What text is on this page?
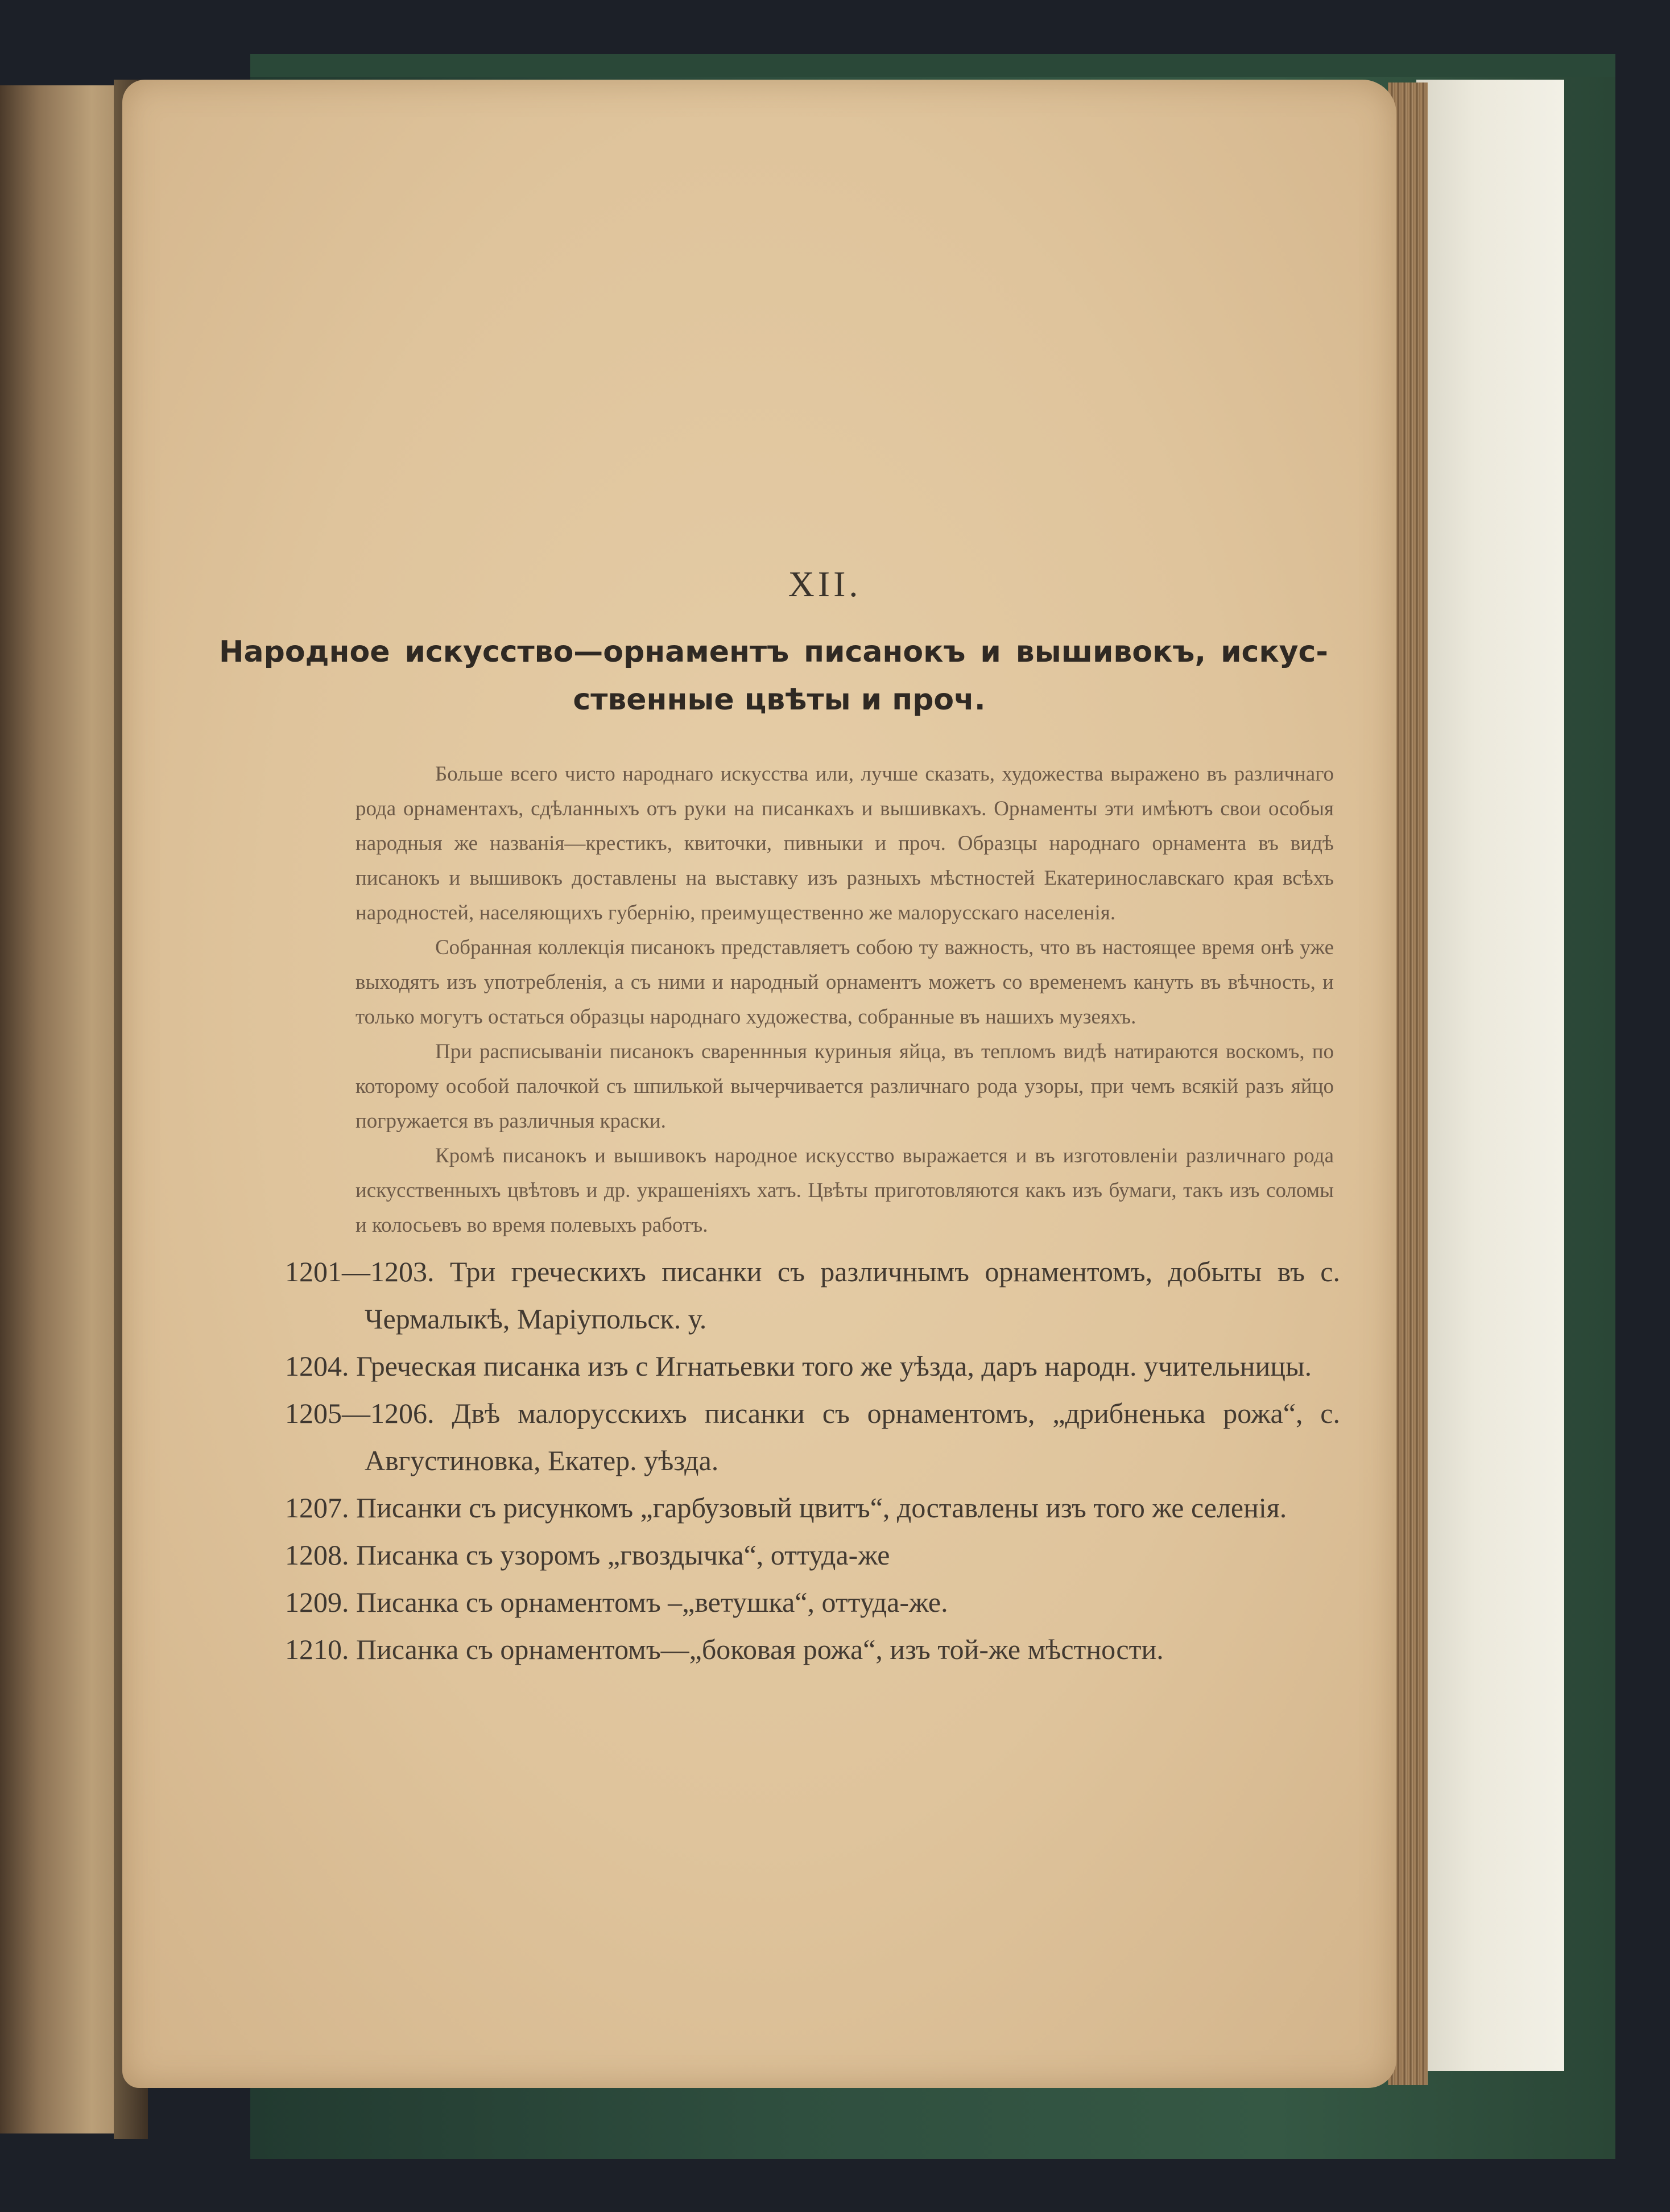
XII.
Народное искусство—орнаментъ писанокъ и вышивокъ, искус-
ственные цвѣты и проч.

Больше всего чисто народнаго искусства или, лучше сказать, художества выражено въ различнаго рода орнаментахъ, сдѣланныхъ отъ руки на писанкахъ и вышивкахъ. Орнаменты эти имѣютъ свои особыя народныя же названія—крестикъ, квиточки, пивныки и проч. Образцы народнаго орнамента въ видѣ писанокъ и вышивокъ доставлены на выставку изъ разныхъ мѣстностей Екатеринославскаго края всѣхъ народностей, населяющихъ губернію, преимущественно же малорусскаго населенія.

Собранная коллекція писанокъ представляетъ собою ту важность, что въ настоящее время онѣ уже выходятъ изъ употребленія, а съ ними и народный орнаментъ можетъ со временемъ кануть въ вѣчность, и только могутъ остаться образцы народнаго художества, собранные въ нашихъ музеяхъ.

При расписываніи писанокъ свареннныя куриныя яйца, въ тепломъ видѣ натираются воскомъ, по которому особой палочкой съ шпилькой вычерчивается различнаго рода узоры, при чемъ всякій разъ яйцо погружается въ различныя краски.

Кромѣ писанокъ и вышивокъ народное искусство выражается и въ изготовленіи различнаго рода искусственныхъ цвѣтовъ и др. украшеніяхъ хатъ. Цвѣты приготовляются какъ изъ бумаги, такъ изъ соломы и колосьевъ во время полевыхъ работъ.

1201—1203. Три греческихъ писанки съ различнымъ орнаментомъ, добыты въ с. Чермалыкѣ, Маріупольск. у.

1204. Греческая писанка изъ с Игнатьевки того же уѣзда, даръ народн. учительницы.

1205—1206. Двѣ малорусскихъ писанки съ орнаментомъ, „дрибненька рожа“, с. Августиновка, Екатер. уѣзда.

1207. Писанки съ рисункомъ „гарбузовый цвитъ“, доставлены изъ того же селенія.

1208. Писанка съ узоромъ „гвоздычка“, оттуда-же

1209. Писанка съ орнаментомъ –„ветушка“, оттуда-же.

1210. Писанка съ орнаментомъ—„боковая рожа“, изъ той-же мѣстности.
